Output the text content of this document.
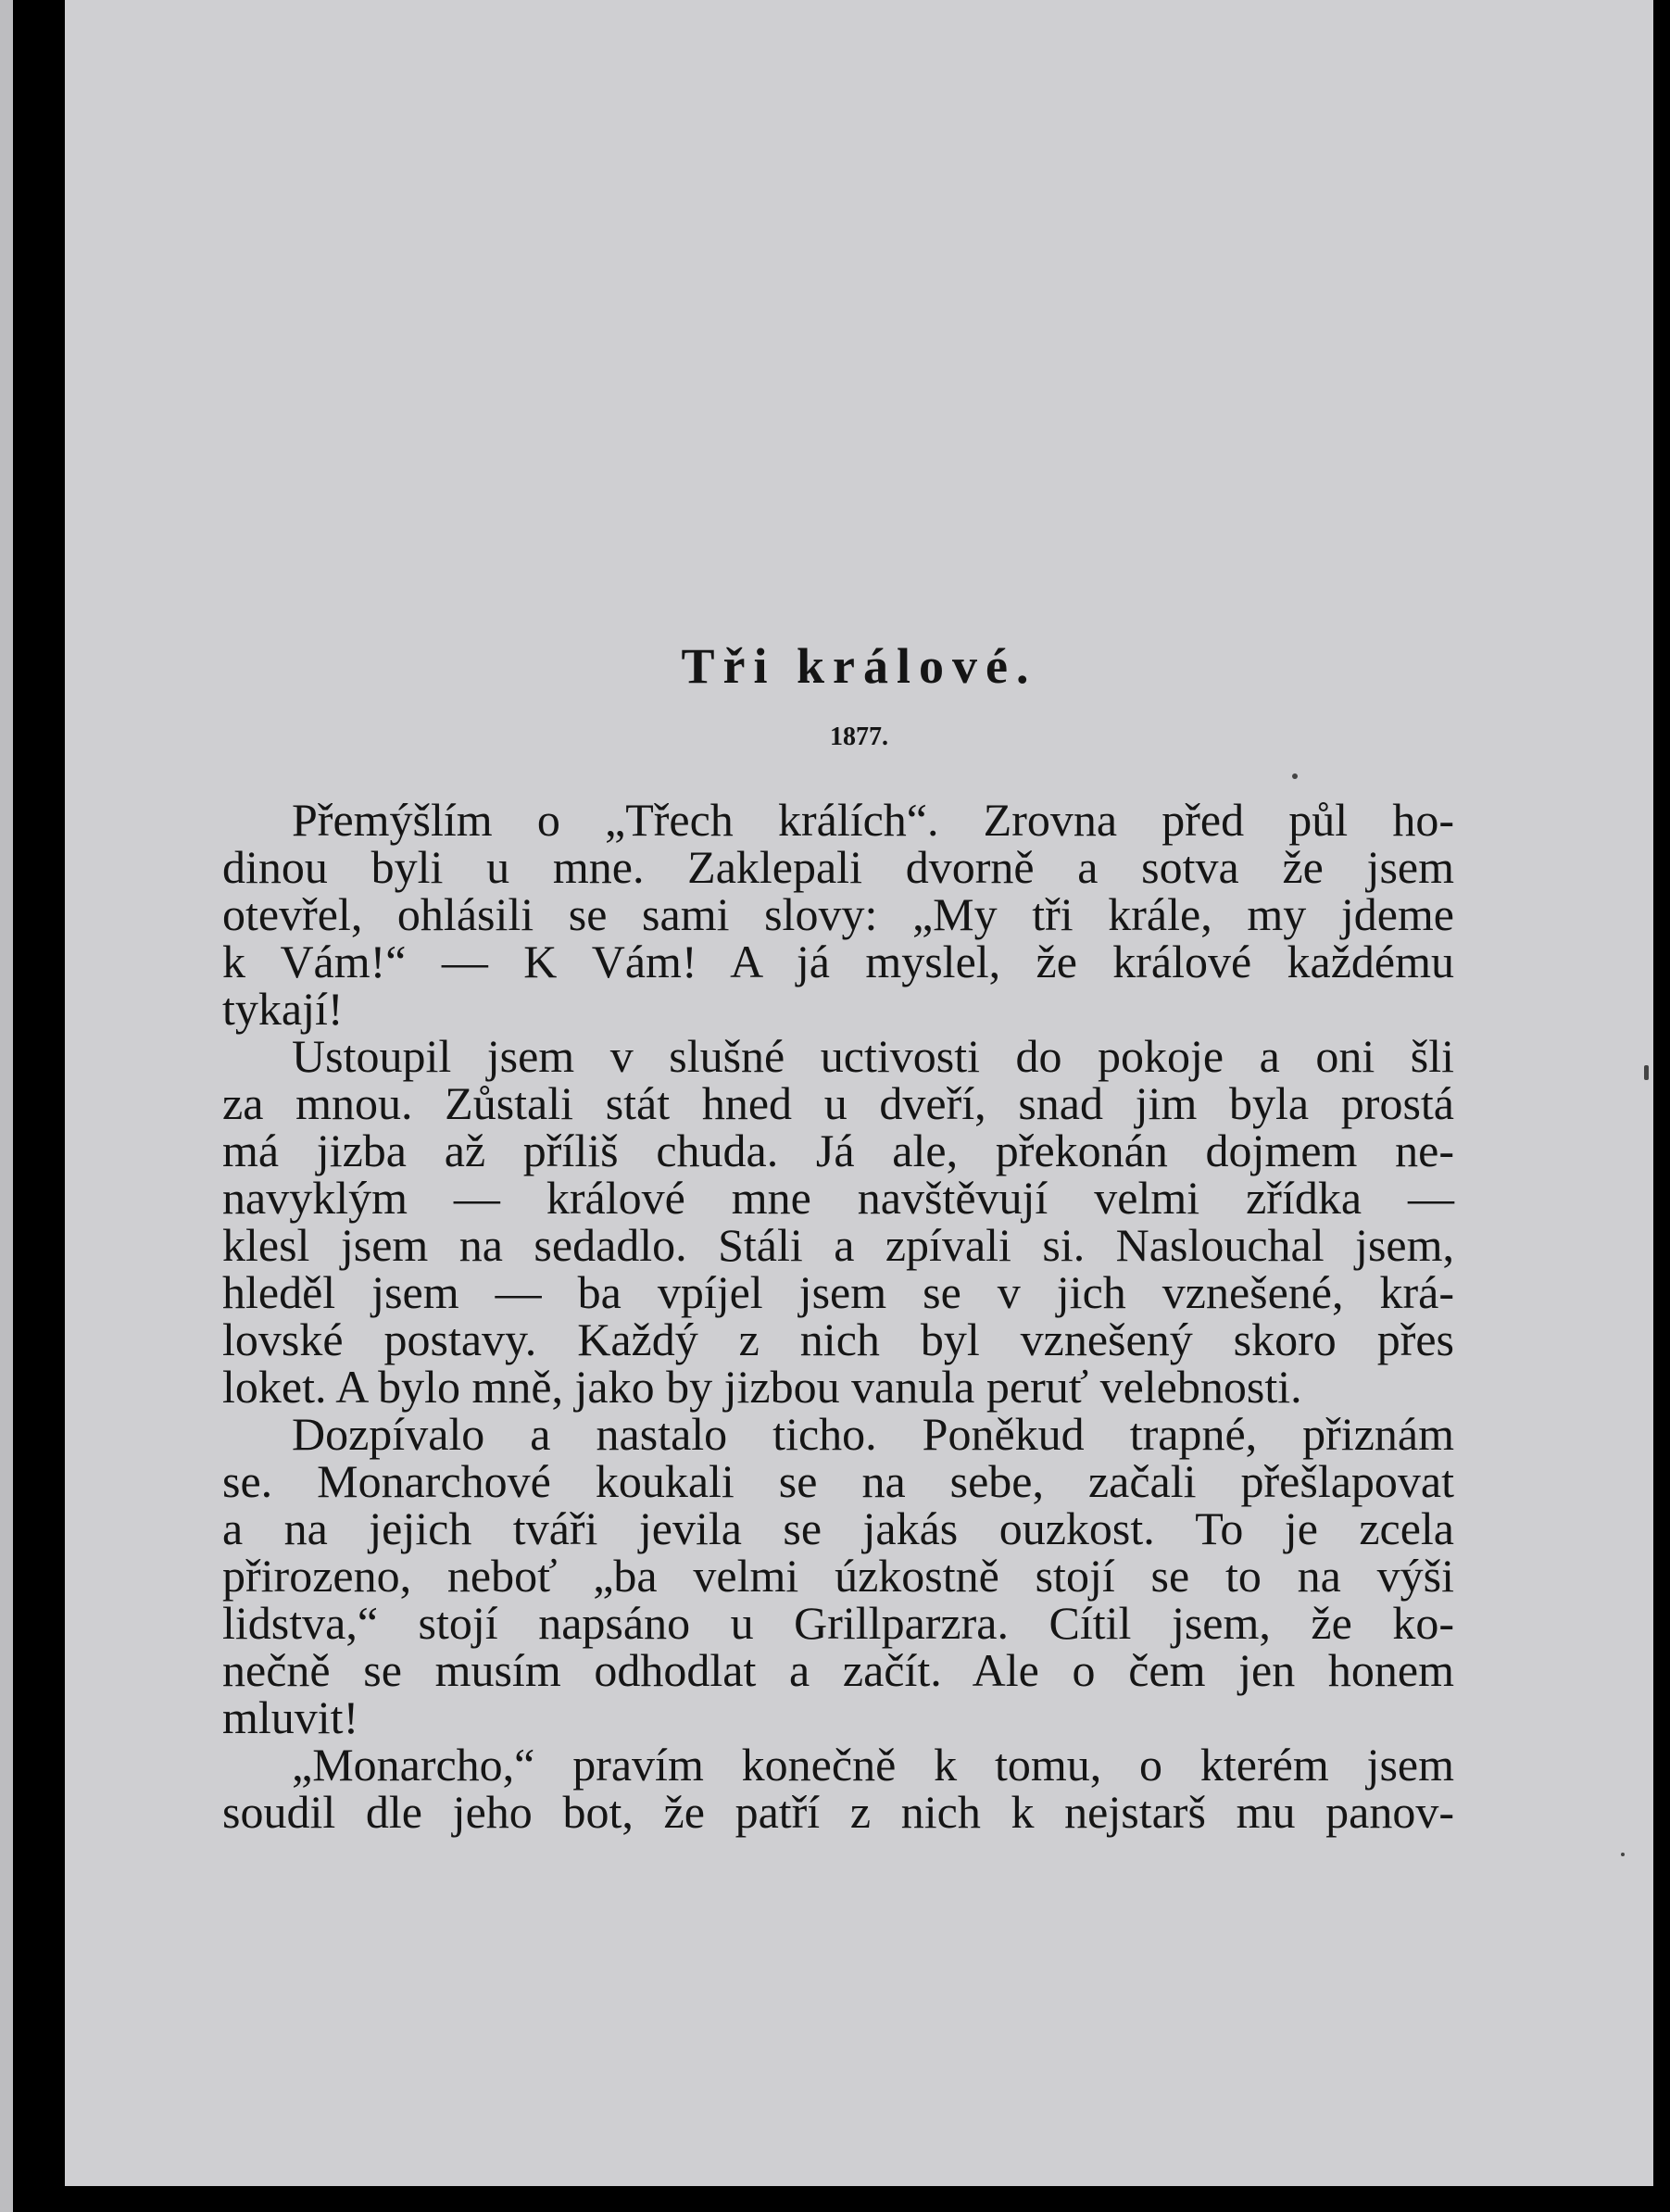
Tři králové.
1877.
Přemýšlím o „Třech králích“. Zrovna před půl ho-
dinou byli u mne. Zaklepali dvorně a sotva že jsem
otevřel, ohlásili se sami slovy: „My tři krále, my jdeme
k Vám!“ — K Vám! A já myslel, že králové každému
tykají!
Ustoupil jsem v slušné uctivosti do pokoje a oni šli
za mnou. Zůstali stát hned u dveří, snad jim byla prostá
má jizba až příliš chuda. Já ale, překonán dojmem ne-
navyklým — králové mne navštěvují velmi zřídka —
klesl jsem na sedadlo. Stáli a zpívali si. Naslouchal jsem,
hleděl jsem — ba vpíjel jsem se v jich vznešené, krá-
lovské postavy. Každý z nich byl vznešený skoro přes
loket. A bylo mně, jako by jizbou vanula peruť velebnosti.
Dozpívalo a nastalo ticho. Poněkud trapné, přiznám
se. Monarchové koukali se na sebe, začali přešlapovat
a na jejich tváři jevila se jakás ouzkost. To je zcela
přirozeno, neboť „ba velmi úzkostně stojí se to na výši
lidstva,“ stojí napsáno u Grillparzra. Cítil jsem, že ko-
nečně se musím odhodlat a začít. Ale o čem jen honem
mluvit!
„Monarcho,“ pravím konečně k tomu, o kterém jsem
soudil dle jeho bot, že patří z nich k nejstarš mu panov-
